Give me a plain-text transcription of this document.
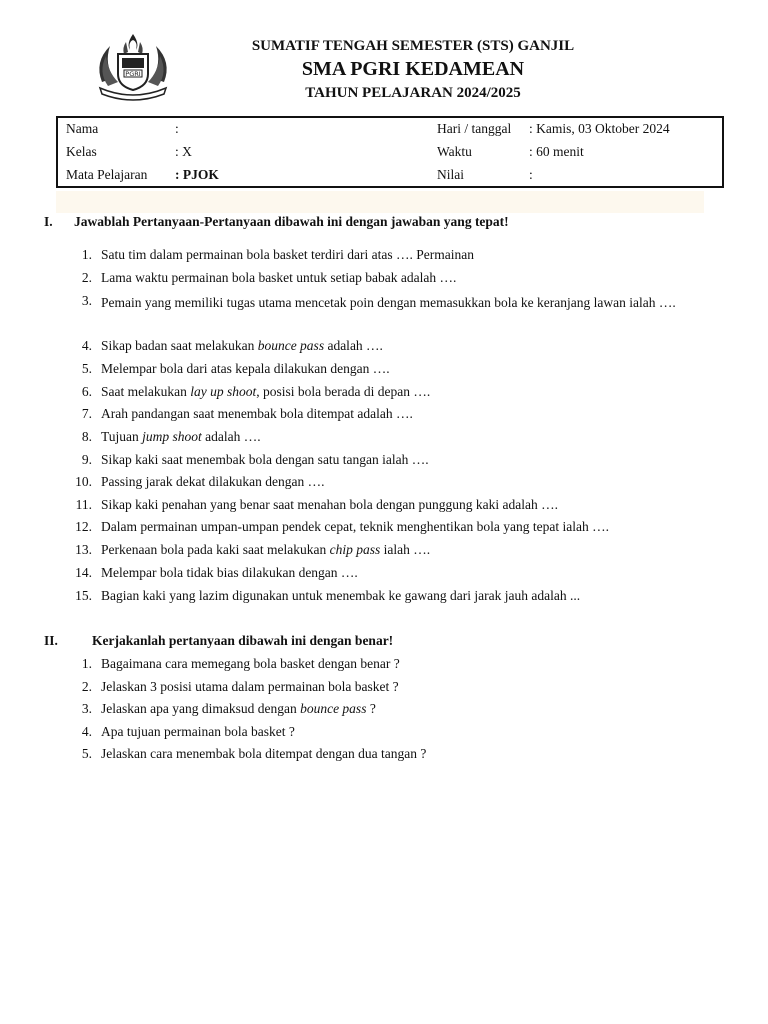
PGRI
SUMATIF TENGAH SEMESTER (STS) GANJIL
SMA PGRI KEDAMEAN
TAHUN PELAJARAN 2024/2025
Nama	:
Kelas	: X
Mata Pelajaran : PJOK
Hari / tanggal : Kamis, 03 Oktober 2024
Waktu	: 60 menit
Nilai	:
I. Jawablah Pertanyaan-Pertanyaan dibawah ini dengan jawaban yang tepat!
1. Satu tim dalam permainan bola basket terdiri dari atas …. Permainan
2. Lama waktu permainan bola basket untuk setiap babak adalah ….
3. Pemain yang memiliki tugas utama mencetak poin dengan memasukkan bola ke keranjang lawan ialah ….
4. Sikap badan saat melakukan bounce pass adalah ….
5. Melempar bola dari atas kepala dilakukan dengan ….
6. Saat melakukan lay up shoot, posisi bola berada di depan ….
7. Arah pandangan saat menembak bola ditempat adalah ….
8. Tujuan jump shoot adalah ….
9. Sikap kaki saat menembak bola dengan satu tangan ialah ….
10. Passing jarak dekat dilakukan dengan ….
11. Sikap kaki penahan yang benar saat menahan bola dengan punggung kaki adalah ….
12. Dalam permainan umpan-umpan pendek cepat, teknik menghentikan bola yang tepat ialah ….
13. Perkenaan bola pada kaki saat melakukan chip pass ialah ….
14. Melempar bola tidak bias dilakukan dengan ….
15. Bagian kaki yang lazim digunakan untuk menembak ke gawang dari jarak jauh adalah ...
II.	Kerjakanlah pertanyaan dibawah ini dengan benar!
1. Bagaimana cara memegang bola basket dengan benar ?
2. Jelaskan 3 posisi utama dalam permainan bola basket ?
3. Jelaskan apa yang dimaksud dengan bounce pass ?
4. Apa tujuan permainan bola basket ?
5. Jelaskan cara menembak bola ditempat dengan dua tangan ?
